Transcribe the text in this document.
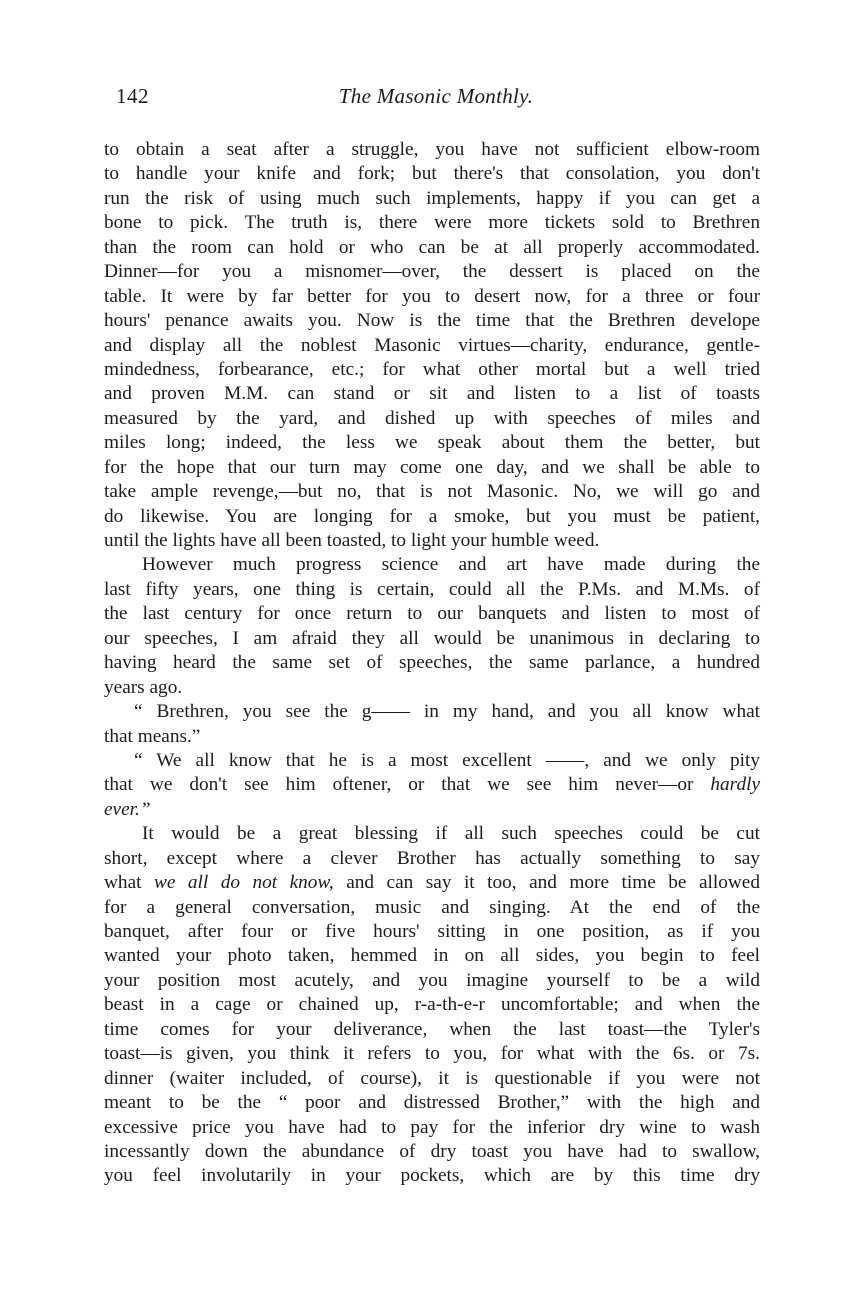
142	The Masonic Monthly.
to obtain a seat after a struggle, you have not sufficient elbow-room
to handle your knife and fork; but there's that consolation, you don't
run the risk of using much such implements, happy if you can get a
bone to pick. The truth is, there were more tickets sold to Brethren
than the room can hold or who can be at all properly accommodated.
Dinner—for you a misnomer—over, the dessert is placed on the
table. It were by far better for you to desert now, for a three or four
hours' penance awaits you. Now is the time that the Brethren develope
and display all the noblest Masonic virtues—charity, endurance, gentle-
mindedness, forbearance, etc.; for what other mortal but a well tried
and proven M.M. can stand or sit and listen to a list of toasts
measured by the yard, and dished up with speeches of miles and
miles long; indeed, the less we speak about them the better, but
for the hope that our turn may come one day, and we shall be able to
take ample revenge,—but no, that is not Masonic. No, we will go and
do likewise. You are longing for a smoke, but you must be patient,
until the lights have all been toasted, to light your humble weed.
However much progress science and art have made during the
last fifty years, one thing is certain, could all the P.Ms. and M.Ms. of
the last century for once return to our banquets and listen to most of
our speeches, I am afraid they all would be unanimous in declaring to
having heard the same set of speeches, the same parlance, a hundred
years ago.
“ Brethren, you see the g—— in my hand, and you all know what
that means.”
“ We all know that he is a most excellent ——, and we only pity
that we don't see him oftener, or that we see him never—or hardly
ever.”
It would be a great blessing if all such speeches could be cut
short, except where a clever Brother has actually something to say
what we all do not know, and can say it too, and more time be allowed
for a general conversation, music and singing. At the end of the
banquet, after four or five hours' sitting in one position, as if you
wanted your photo taken, hemmed in on all sides, you begin to feel
your position most acutely, and you imagine yourself to be a wild
beast in a cage or chained up, r-a-th-e-r uncomfortable; and when the
time comes for your deliverance, when the last toast—the Tyler's
toast—is given, you think it refers to you, for what with the 6s. or 7s.
dinner (waiter included, of course), it is questionable if you were not
meant to be the “ poor and distressed Brother,” with the high and
excessive price you have had to pay for the inferior dry wine to wash
incessantly down the abundance of dry toast you have had to swallow,
you feel involutarily in your pockets, which are by this time dry
